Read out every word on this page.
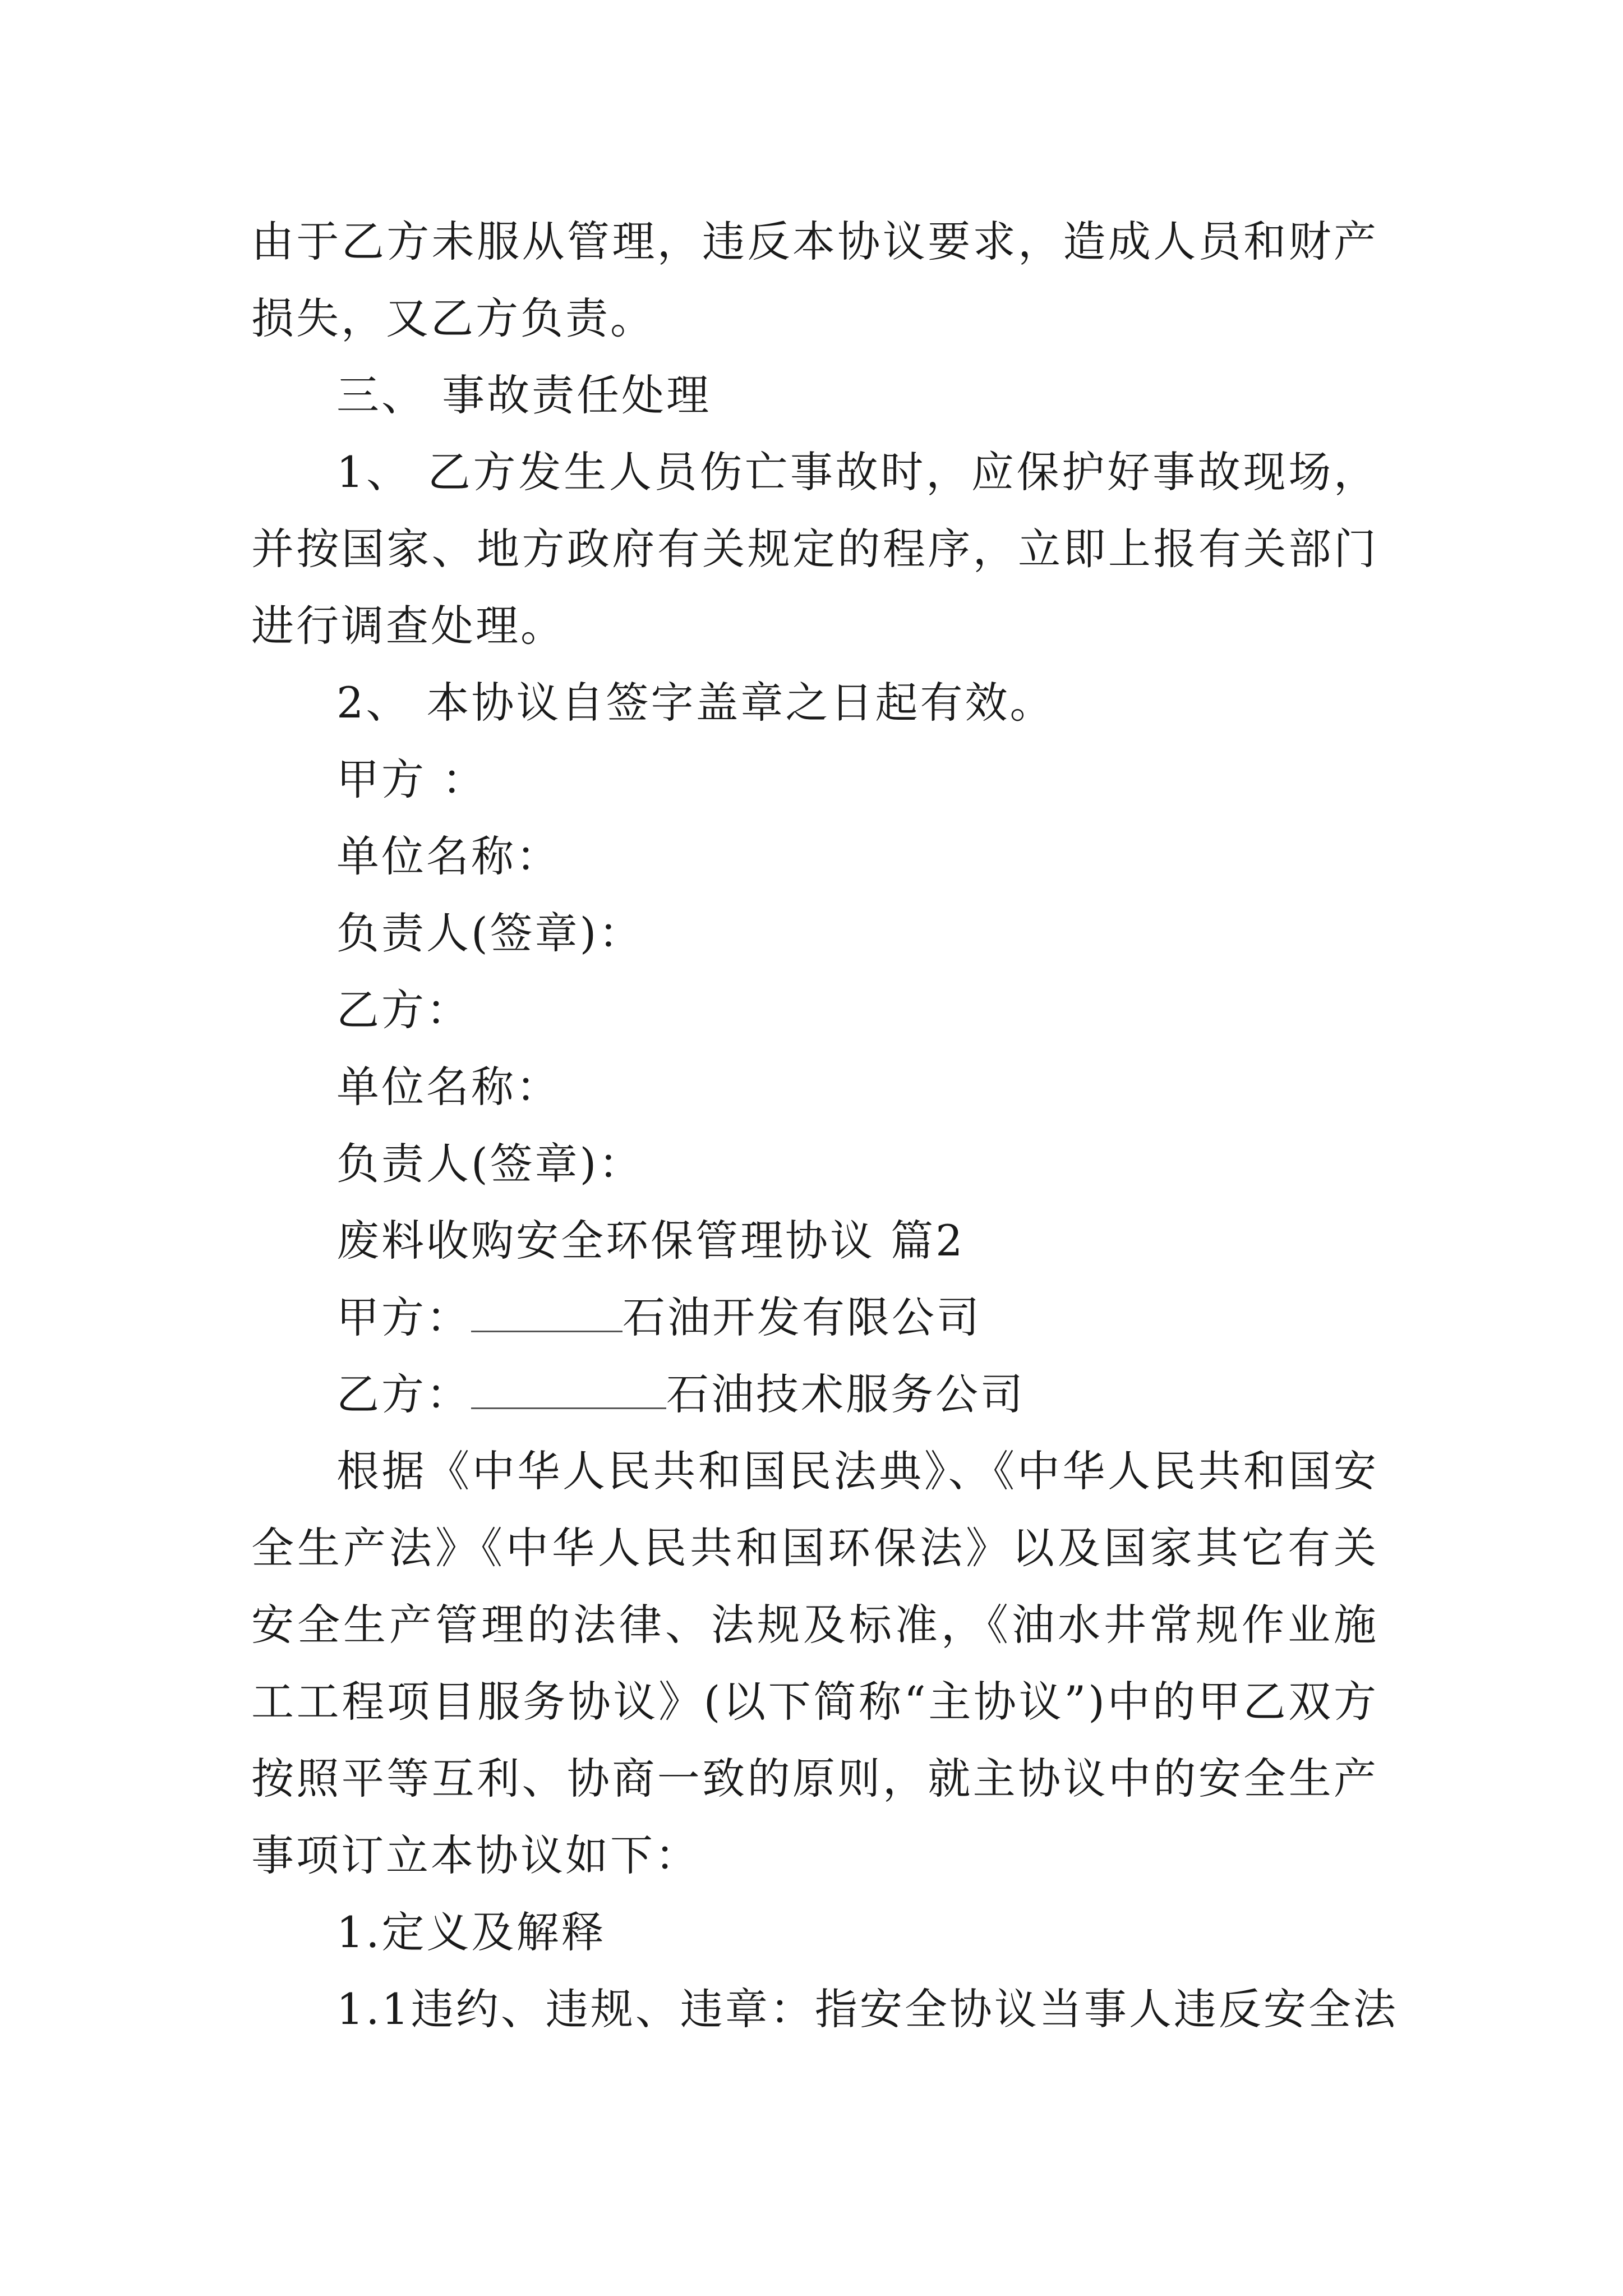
由于乙方未服从管理，违反本协议要求，造成人员和财产损失，又乙方负责。

三、 事故责任处理

1、 乙方发生人员伤亡事故时，应保护好事故现场，并按国家、地方政府有关规定的程序，立即上报有关部门进行调查处理。

2、 本协议自签字盖章之日起有效。

甲方 ：

单位名称：

负责人(签章)：

乙方：

单位名称：

负责人(签章)：

废料收购安全环保管理协议 篇2

甲方：	石油开发有限公司

乙方：	石油技术服务公司

根据《中华人民共和国民法典》、《中华人民共和国安全生产法》《中华人民共和国环保法》以及国家其它有关安全生产管理的法律、法规及标准，《油水井常规作业施工工程项目服务协议》(以下简称“主协议”)中的甲乙双方按照平等互利、协商一致的原则，就主协议中的安全生产事项订立本协议如下：

1.定义及解释

1.1违约、违规、违章：指安全协议当事人违反安全法
